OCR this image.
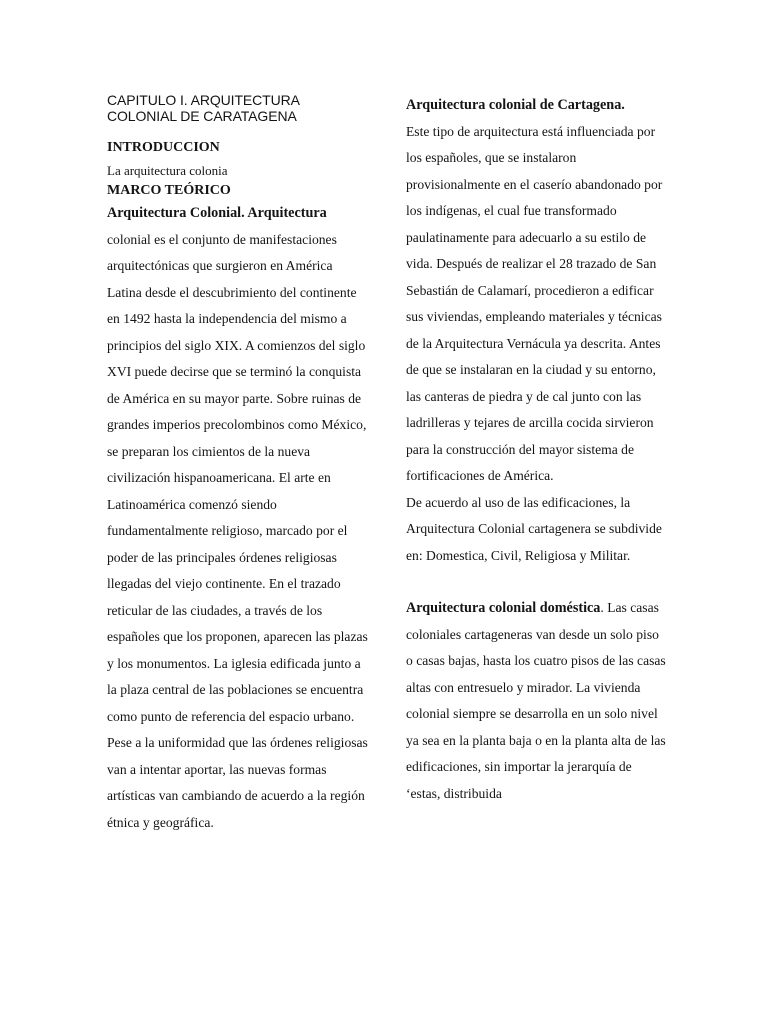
CAPITULO I. ARQUITECTURA COLONIAL DE CARATAGENA

INTRODUCCION

La arquitectura colonia

MARCO TEÓRICO

Arquitectura Colonial. Arquitectura colonial es el conjunto de manifestaciones arquitectónicas que surgieron en América Latina desde el descubrimiento del continente en 1492 hasta la independencia del mismo a principios del siglo XIX. A comienzos del siglo XVI puede decirse que se terminó la conquista de América en su mayor parte. Sobre ruinas de grandes imperios precolombinos como México, se preparan los cimientos de la nueva civilización hispanoamericana. El arte en Latinoamérica comenzó siendo fundamentalmente religioso, marcado por el poder de las principales órdenes religiosas llegadas del viejo continente. En el trazado reticular de las ciudades, a través de los españoles que los proponen, aparecen las plazas y los monumentos. La iglesia edificada junto a la plaza central de las poblaciones se encuentra como punto de referencia del espacio urbano. Pese a la uniformidad que las órdenes religiosas van a intentar aportar, las nuevas formas artísticas van cambiando de acuerdo a la región étnica y geográfica.

Arquitectura colonial de Cartagena.

Este tipo de arquitectura está influenciada por los españoles, que se instalaron provisionalmente en el caserío abandonado por los indígenas, el cual fue transformado paulatinamente para adecuarlo a su estilo de vida. Después de realizar el 28 trazado de San Sebastián de Calamarí, procedieron a edificar sus viviendas, empleando materiales y técnicas de la Arquitectura Vernácula ya descrita. Antes de que se instalaran en la ciudad y su entorno, las canteras de piedra y de cal junto con las ladrilleras y tejares de arcilla cocida sirvieron para la construcción del mayor sistema de fortificaciones de América.

De acuerdo al uso de las edificaciones, la Arquitectura Colonial cartagenera se subdivide en: Domestica, Civil, Religiosa y Militar.

Arquitectura colonial doméstica. Las casas coloniales cartageneras van desde un solo piso o casas bajas, hasta los cuatro pisos de las casas altas con entresuelo y mirador. La vivienda colonial siempre se desarrolla en un solo nivel ya sea en la planta baja o en la planta alta de las edificaciones, sin importar la jerarquía de ‘estas, distribuida
